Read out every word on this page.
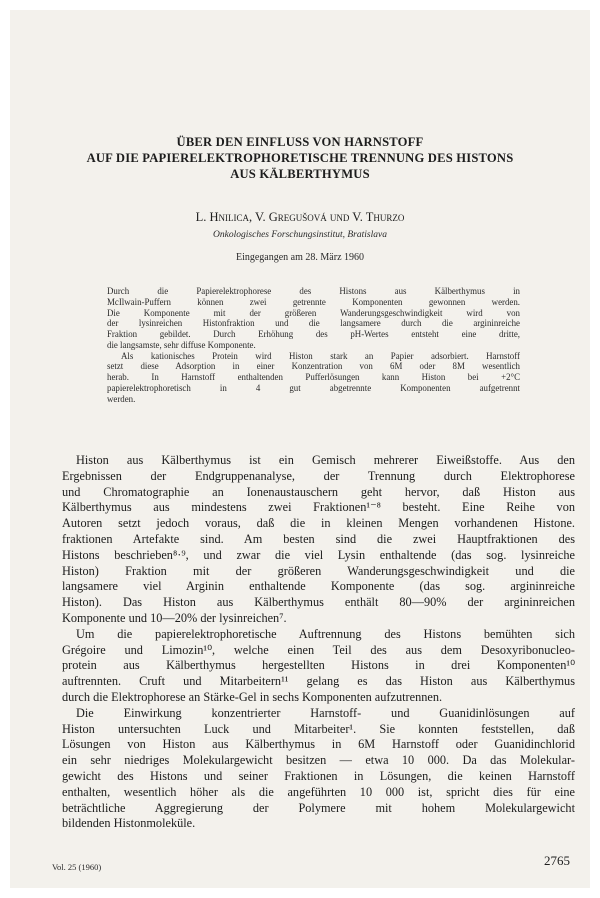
ÜBER DEN EINFLUSS VON HARNSTOFF
AUF DIE PAPIERELEKTROPHORETISCHE TRENNUNG DES HISTONS
AUS KÄLBERTHYMUS
L. Hnilica, V. Gregušová und V. Thurzo
Onkologisches Forschungsinstitut, Bratislava
Eingegangen am 28. März 1960
Durch die Papierelektrophorese des Histons aus Kälberthymus in
McIlwain-Puffern können zwei getrennte Komponenten gewonnen werden.
Die Komponente mit der größeren Wanderungsgeschwindigkeit wird von
der lysinreichen Histonfraktion und die langsamere durch die argininreiche
Fraktion gebildet. Durch Erhöhung des pH-Wertes entsteht eine dritte,
die langsamste, sehr diffuse Komponente.
Als kationisches Protein wird Histon stark an Papier adsorbiert. Harnstoff
setzt diese Adsorption in einer Konzentration von 6M oder 8M wesentlich
herab. In Harnstoff enthaltenden Pufferlösungen kann Histon bei +2°C
papierelektrophoretisch in 4 gut abgetrennte Komponenten aufgetrennt
werden.
Histon aus Kälberthymus ist ein Gemisch mehrerer Eiweißstoffe. Aus den
Ergebnissen der Endgruppenanalyse, der Trennung durch Elektrophorese
und Chromatographie an Ionenaustauschern geht hervor, daß Histon aus
Kälberthymus aus mindestens zwei Fraktionen¹⁻⁸ besteht. Eine Reihe von
Autoren setzt jedoch voraus, daß die in kleinen Mengen vorhandenen Histone.
fraktionen Artefakte sind. Am besten sind die zwei Hauptfraktionen des
Histons beschrieben⁸·⁹, und zwar die viel Lysin enthaltende (das sog. lysinreiche
Histon) Fraktion mit der größeren Wanderungsgeschwindigkeit und die
langsamere viel Arginin enthaltende Komponente (das sog. argininreiche
Histon). Das Histon aus Kälberthymus enthält 80—90% der argininreichen
Komponente und 10—20% der lysinreichen⁷.
Um die papierelektrophoretische Auftrennung des Histons bemühten sich
Grégoire und Limozin¹⁰, welche einen Teil des aus dem Desoxyribonucleo-
protein aus Kälberthymus hergestellten Histons in drei Komponenten¹⁰
auftrennten. Cruft und Mitarbeitern¹¹ gelang es das Histon aus Kälberthymus
durch die Elektrophorese an Stärke-Gel in sechs Komponenten aufzutrennen.
Die Einwirkung konzentrierter Harnstoff- und Guanidinlösungen auf
Histon untersuchten Luck und Mitarbeiter¹. Sie konnten feststellen, daß
Lösungen von Histon aus Kälberthymus in 6M Harnstoff oder Guanidinchlorid
ein sehr niedriges Molekulargewicht besitzen — etwa 10 000. Da das Molekular-
gewicht des Histons und seiner Fraktionen in Lösungen, die keinen Harnstoff
enthalten, wesentlich höher als die angeführten 10 000 ist, spricht dies für eine
beträchtliche Aggregierung der Polymere mit hohem Molekulargewicht
bildenden Histonmoleküle.
Vol. 25 (1960)	2765
